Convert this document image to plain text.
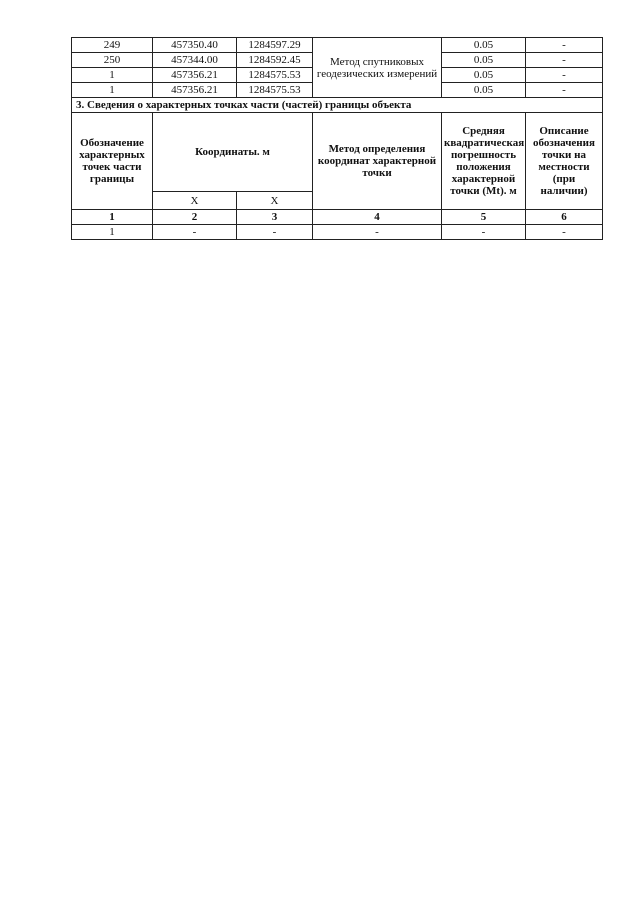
249	457350.40	1284597.29	Метод спутниковых геодезических измерений	0.05	-
250	457344.00	1284592.45		0.05	-
1	457356.21	1284575.53		0.05	-
1	457356.21	1284575.53		0.05	-
3. Сведения о характерных точках части (частей) границы объекта					
Обозначение характерных точек части границы	Координаты. м		Метод определения координат характерной точки	Средняя квадратическая погрешность положения характерной точки (Mt). м	Описание обозначения точки на местности (при наличии)
	X	X			
1	2	3	4	5	6
1	-	-	-	-	-
